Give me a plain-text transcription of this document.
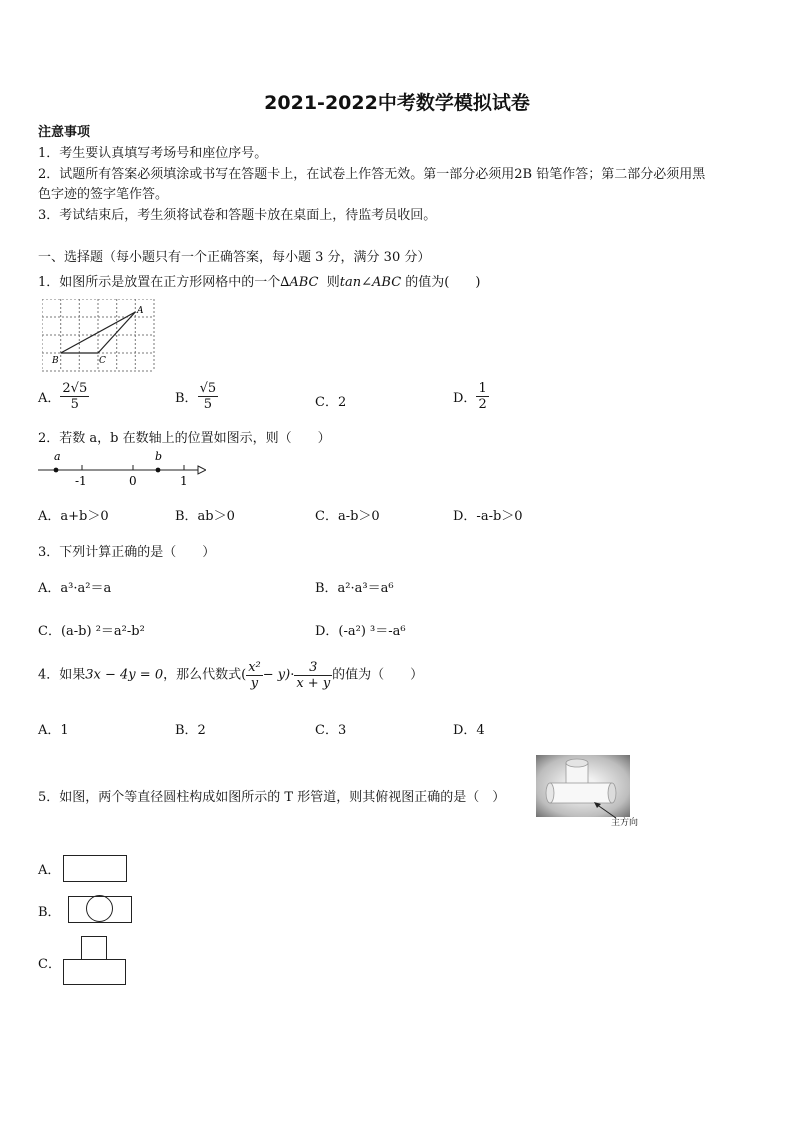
2021-2022中考数学模拟试卷
注意事项
1．考生要认真填写考场号和座位序号。
2．试题所有答案必须填涂或书写在答题卡上，在试卷上作答无效。第一部分必须用2B 铅笔作答；第二部分必须用黑
色字迹的签字笔作答。
3．考试结束后，考生须将试卷和答题卡放在桌面上，待监考员收回。
一、选择题（每小题只有一个正确答案，每小题 3 分，满分 30 分）
1．如图所示是放置在正方形网格中的一个∆ABC 则tan∠ABC 的值为(　　)
A
B	C
A． $\frac{2√5}{5}$	B． $\frac{√5}{5}$	C．2	D． $\frac{1}{2}$
2．若数 a，b 在数轴上的位置如图示，则（　　）
a	b
-1	0	1
A．a+b＞0	B．ab＞0	C．a-b＞0	D．-a-b＞0
3．下列计算正确的是（　　）
A．a³·a²＝a	B．a²·a³＝a⁶
C．(a-b) ²＝a²-b²	D．(-a²) ³＝-a⁶
4．如果3x − 4y = 0，那么代数式( $\frac{\text{x²}}{y} - y)\cdot \frac{3}{x + y}$ 的值为（　　）
A．1	B．2	C．3	D．4
5．如图，两个等直径圆柱构成如图所示的 T 形管道，则其俯视图正确的是（　）
主方向
A．
B．
C．
